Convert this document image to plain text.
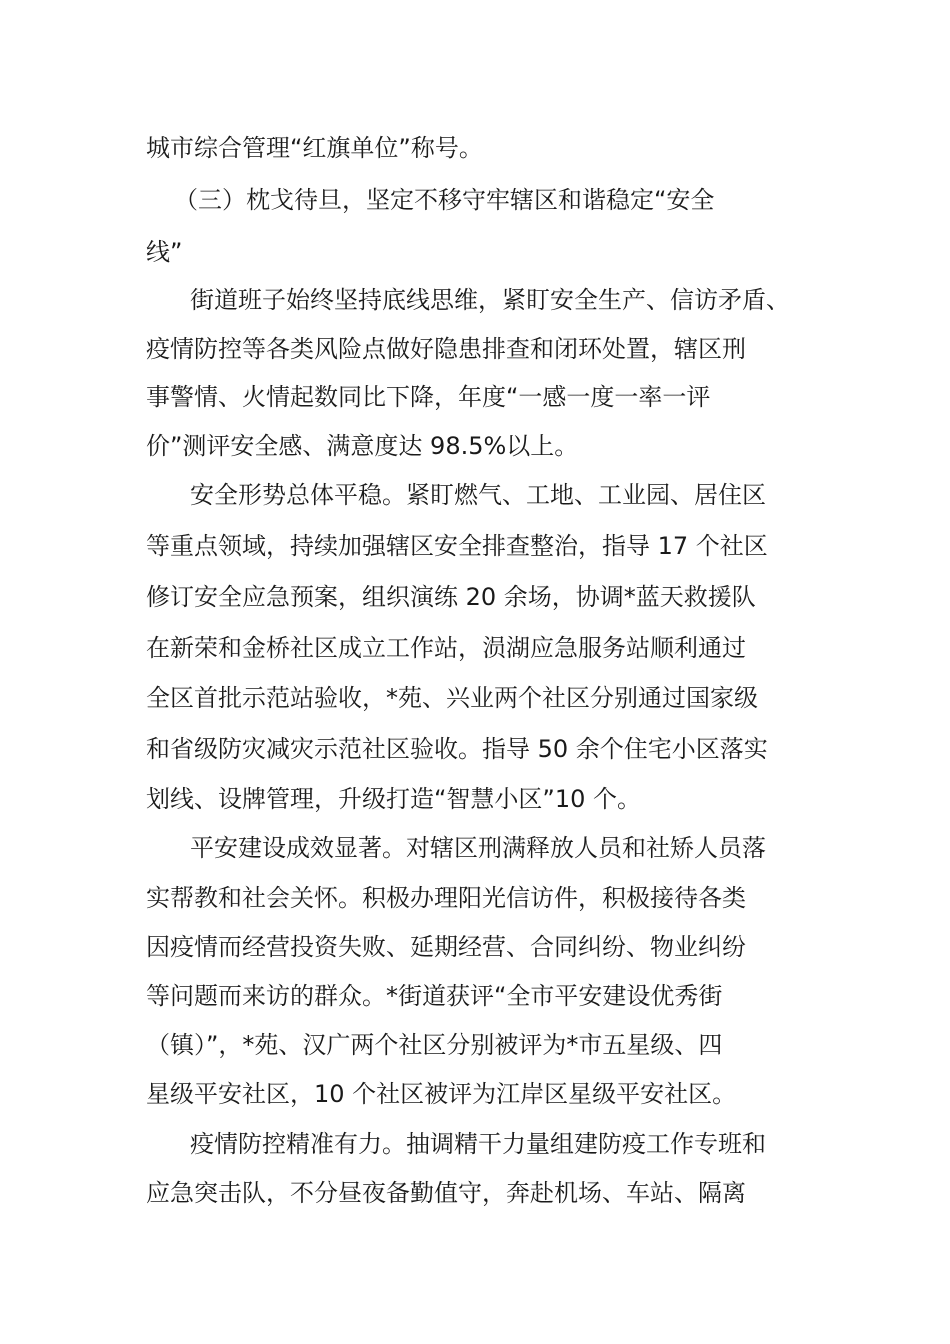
城市综合管理“红旗单位”称号。
（三）枕戈待旦，坚定不移守牢辖区和谐稳定“安全
线”
街道班子始终坚持底线思维，紧盯安全生产、信访矛盾、
疫情防控等各类风险点做好隐患排查和闭环处置，辖区刑
事警情、火情起数同比下降，年度“一感一度一率一评
价”测评安全感、满意度达 98.5%以上。
安全形势总体平稳。紧盯燃气、工地、工业园、居住区
等重点领域，持续加强辖区安全排查整治，指导 17 个社区
修订安全应急预案，组织演练 20 余场，协调*蓝天救援队
在新荣和金桥社区成立工作站，涢湖应急服务站顺利通过
全区首批示范站验收，*苑、兴业两个社区分别通过国家级
和省级防灾减灾示范社区验收。指导 50 余个住宅小区落实
划线、设牌管理，升级打造“智慧小区”10 个。
平安建设成效显著。对辖区刑满释放人员和社矫人员落
实帮教和社会关怀。积极办理阳光信访件，积极接待各类
因疫情而经营投资失败、延期经营、合同纠纷、物业纠纷
等问题而来访的群众。*街道获评“全市平安建设优秀街
（镇）”，*苑、汉广两个社区分别被评为*市五星级、四
星级平安社区，10 个社区被评为江岸区星级平安社区。
疫情防控精准有力。抽调精干力量组建防疫工作专班和
应急突击队，不分昼夜备勤值守，奔赴机场、车站、隔离
